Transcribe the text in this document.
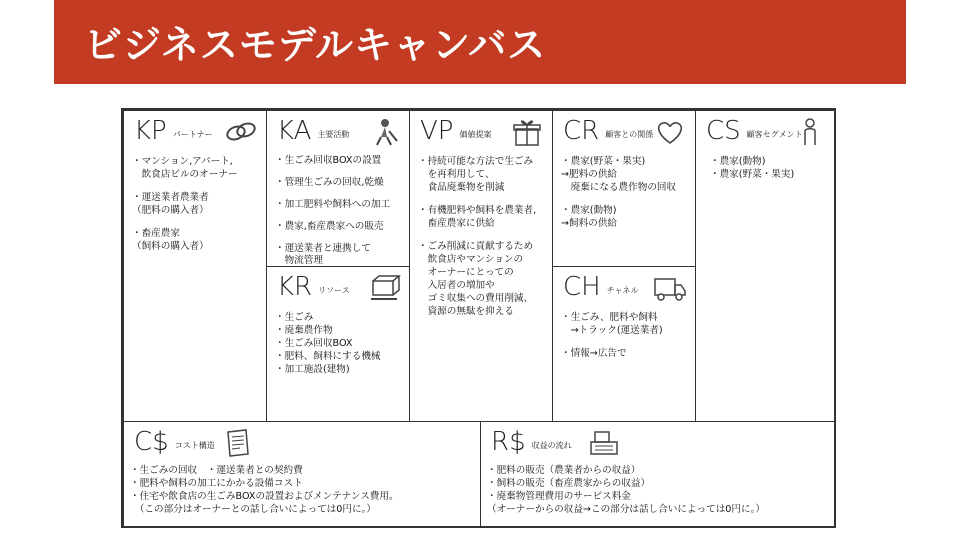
ビジネスモデルキャンバス
KP パートナー
・マンション,アパート,
　飲食店ビルのオーナー
・運送業者農業者
（肥料の購入者）
・畜産農家
（飼料の購入者）
KA 主要活動
・生ごみ回収BOXの設置
・管理生ごみの回収,乾燥
・加工肥料や飼料への加工
・農家,畜産農家への販売
・運送業者と連携して
　物流管理
KR リソース
・生ごみ
・廃棄農作物
・生ごみ回収BOX
・肥料、飼料にする機械
・加工施設(建物)
VP 価値提案
・持続可能な方法で生ごみ
　を再利用して、
　食品廃棄物を削減
・有機肥料や飼料を農業者,
　畜産農家に供給
・ごみ削減に貢献するため
　飲食店やマンションの
　オーナーにとっての
　入居者の増加や
　ゴミ収集への費用削減、
　資源の無駄を抑える
CR 顧客との関係
・農家(野菜・果実)
→肥料の供給
　廃棄になる農作物の回収
・農家(動物)
→飼料の供給
CH チャネル
・生ごみ、肥料や飼料
　→トラック(運送業者)
・情報→広告で
CS 顧客セグメント
・農家(動物)
・農家(野菜・果実)
C$ コスト構造
・生ごみの回収　・運送業者との契約費
・肥料や飼料の加工にかかる設備コスト
・住宅や飲食店の生ごみBOXの設置およびメンテナンス費用。
　（この部分はオーナーとの話し合いによっては0円に。）
R$ 収益の流れ
・肥料の販売（農業者からの収益）
・飼料の販売（畜産農家からの収益）
・廃棄物管理費用のサービス料金
（オーナーからの収益→この部分は話し合いによっては0円に。）
